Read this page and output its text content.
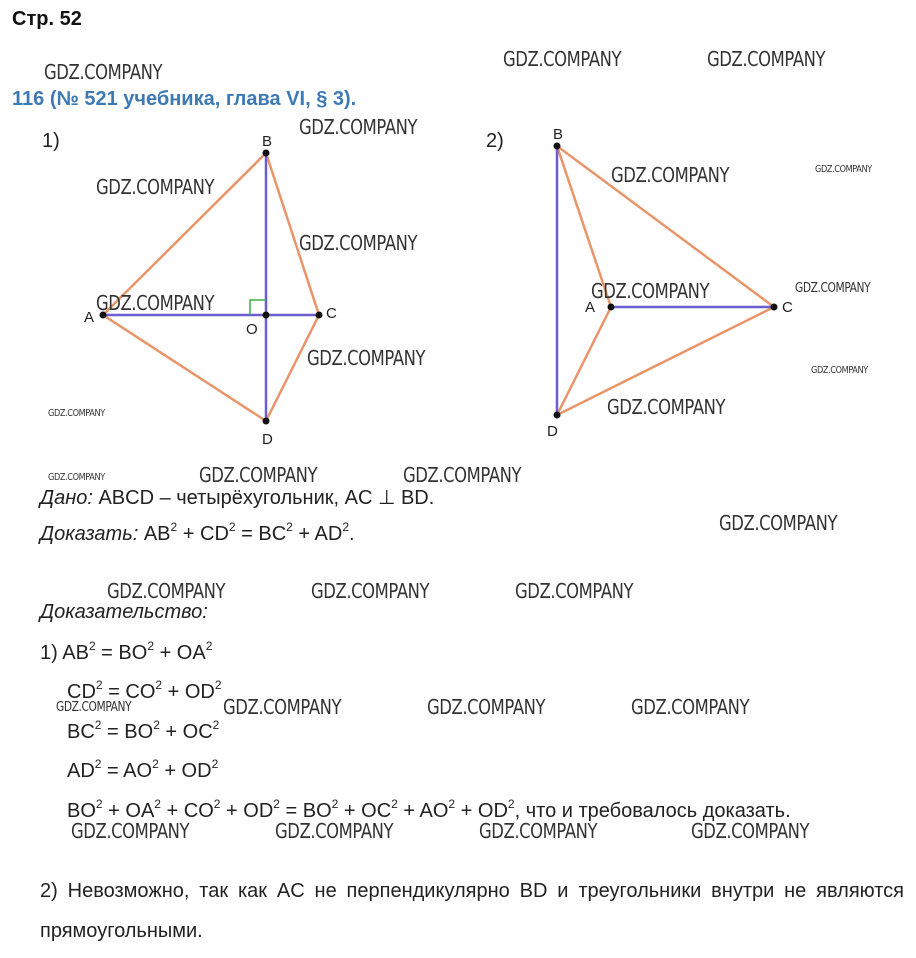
Стр. 52
116 (№ 521 учебника, глава VI, § 3).
1)	2)
A
B
C
D
O
A
B
C
D
Дано: ABCD – четырёхугольник, AC ⊥ BD.
Доказать: $AB^2 + CD^2 = BC^2 + AD^2$.
Доказательство:
1) $AB^2 = BO^2 + OA^2$
$CD^2 = CO^2 + OD^2$
$BC^2 = BO^2 + OC^2$
$AD^2 = AO^2 + OD^2$
$BO^2 + OA^2 + CO^2 + OD^2 = BO^2 + OC^2 + AO^2 + OD^2$, что и требовалось доказать.
2) Невозможно, так как AC не перпендикулярно BD и треугольники внутри не являются прямоугольными.
GDZ.COMPANY
GDZ.COMPANY	GDZ.COMPANY
GDZ.COMPANY
GDZ.COMPANY	GDZ.COMPANY	GDZ.COMPANY
GDZ.COMPANY
GDZ.COMPANY	GDZ.COMPANY
GDZ.COMPANY
GDZ.COMPANY
GDZ.COMPANY
GDZ.COMPANY
GDZ.COMPANY
GDZ.COMPANY	GDZ.COMPANY	GDZ.COMPANY
GDZ.COMPANY
GDZ.COMPANY	GDZ.COMPANY	GDZ.COMPANY
GDZ.COMPANY	GDZ.COMPANY	GDZ.COMPANY	GDZ.COMPANY
GDZ.COMPANY	GDZ.COMPANY	GDZ.COMPANY	GDZ.COMPANY
